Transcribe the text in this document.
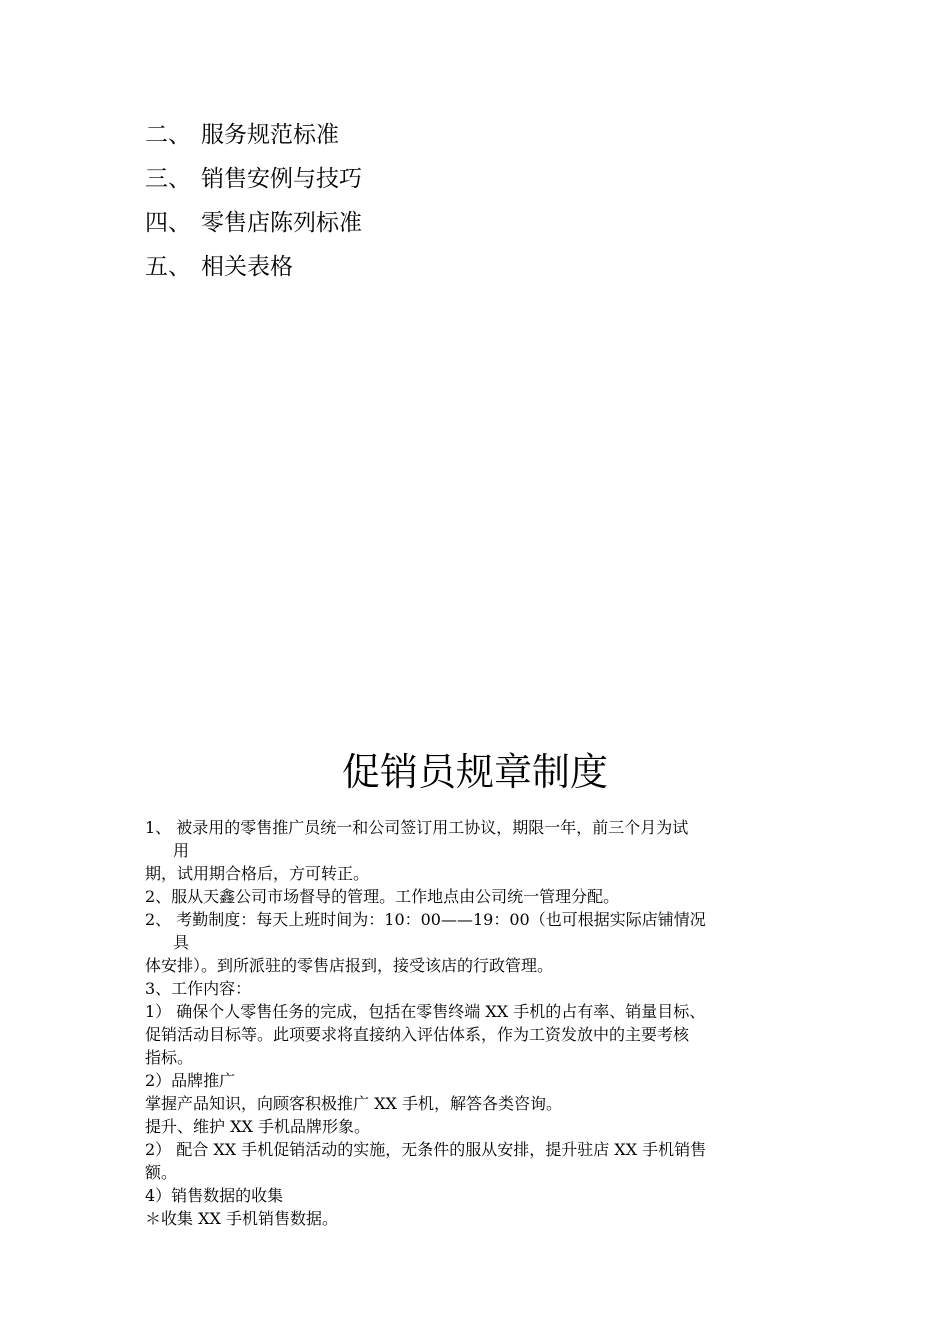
二、 服务规范标准
三、 销售安例与技巧
四、 零售店陈列标准
五、 相关表格
促销员规章制度
1、 被录用的零售推广员统一和公司签订用工协议，期限一年，前三个月为试
用
期，试用期合格后，方可转正。
2、服从天鑫公司市场督导的管理。工作地点由公司统一管理分配。
2、 考勤制度：每天上班时间为：10：00——19：00（也可根据实际店铺情况
具
体安排）。到所派驻的零售店报到，接受该店的行政管理。
3、工作内容：
1） 确保个人零售任务的完成，包括在零售终端 XX 手机的占有率、销量目标、
促销活动目标等。此项要求将直接纳入评估体系，作为工资发放中的主要考核
指标。
2）品牌推广
掌握产品知识，向顾客积极推广 XX 手机，解答各类咨询。
提升、维护 XX 手机品牌形象。
2） 配合 XX 手机促销活动的实施，无条件的服从安排，提升驻店 XX 手机销售
额。
4）销售数据的收集
＊收集 XX 手机销售数据。
